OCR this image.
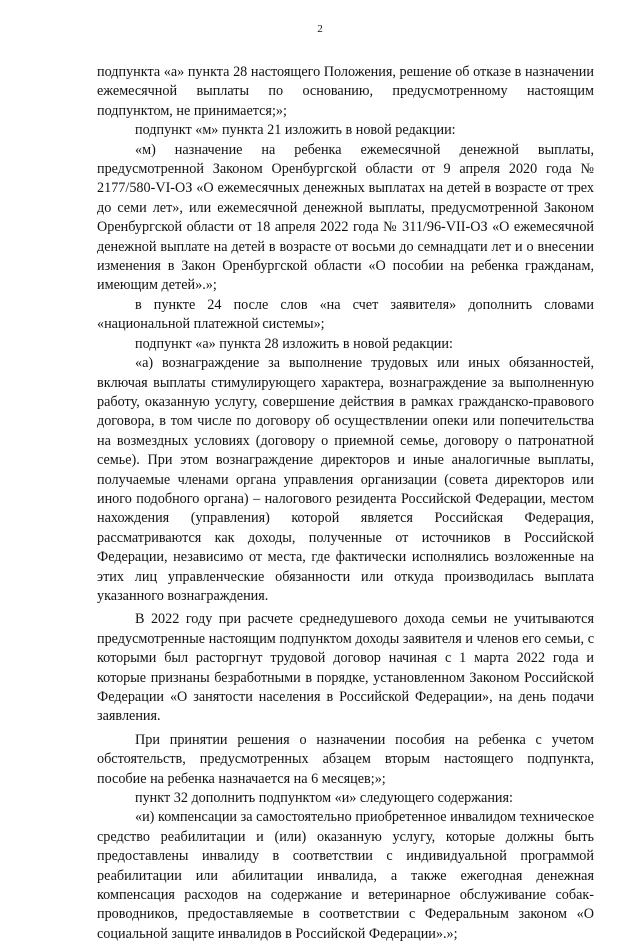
2

подпункта «а» пункта 28 настоящего Положения, решение об отказе в назначении ежемесячной выплаты по основанию, предусмотренному настоящим подпунктом, не принимается;»;

подпункт «м» пункта 21 изложить в новой редакции:

«м) назначение на ребенка ежемесячной денежной выплаты, предусмотренной Законом Оренбургской области от 9 апреля 2020 года № 2177/580-VI-ОЗ «О ежемесячных денежных выплатах на детей в возрасте от трех до семи лет», или ежемесячной денежной выплаты, предусмотренной Законом Оренбургской области от 18 апреля 2022 года № 311/96-VII-ОЗ «О ежемесячной денежной выплате на детей в возрасте от восьми до семнадцати лет и о внесении изменения в Закон Оренбургской области «О пособии на ребенка гражданам, имеющим детей».»;

в пункте 24 после слов «на счет заявителя» дополнить словами «национальной платежной системы»;

подпункт «а» пункта 28 изложить в новой редакции:

«а) вознаграждение за выполнение трудовых или иных обязанностей, включая выплаты стимулирующего характера, вознаграждение за выполненную работу, оказанную услугу, совершение действия в рамках гражданско-правового договора, в том числе по договору об осуществлении опеки или попечительства на возмездных условиях (договору о приемной семье, договору о патронатной семье). При этом вознаграждение директоров и иные аналогичные выплаты, получаемые членами органа управления организации (совета директоров или иного подобного органа) – налогового резидента Российской Федерации, местом нахождения (управления) которой является Российская Федерация, рассматриваются как доходы, полученные от источников в Российской Федерации, независимо от места, где фактически исполнялись возложенные на этих лиц управленческие обязанности или откуда производилась выплата указанного вознаграждения.

В 2022 году при расчете среднедушевого дохода семьи не учитываются предусмотренные настоящим подпунктом доходы заявителя и членов его семьи, с которыми был расторгнут трудовой договор начиная с 1 марта 2022 года и которые признаны безработными в порядке, установленном Законом Российской Федерации «О занятости населения в Российской Федерации», на день подачи заявления.

При принятии решения о назначении пособия на ребенка с учетом обстоятельств, предусмотренных абзацем вторым настоящего подпункта, пособие на ребенка назначается на 6 месяцев;»;

пункт 32 дополнить подпунктом «и» следующего содержания:

«и) компенсации за самостоятельно приобретенное инвалидом техническое средство реабилитации и (или) оказанную услугу, которые должны быть предоставлены инвалиду в соответствии с индивидуальной программой реабилитации или абилитации инвалида, а также ежегодная денежная компенсация расходов на содержание и ветеринарное обслуживание собак-проводников, предоставляемые в соответствии с Федеральным законом «О социальной защите инвалидов в Российской Федерации».»;
